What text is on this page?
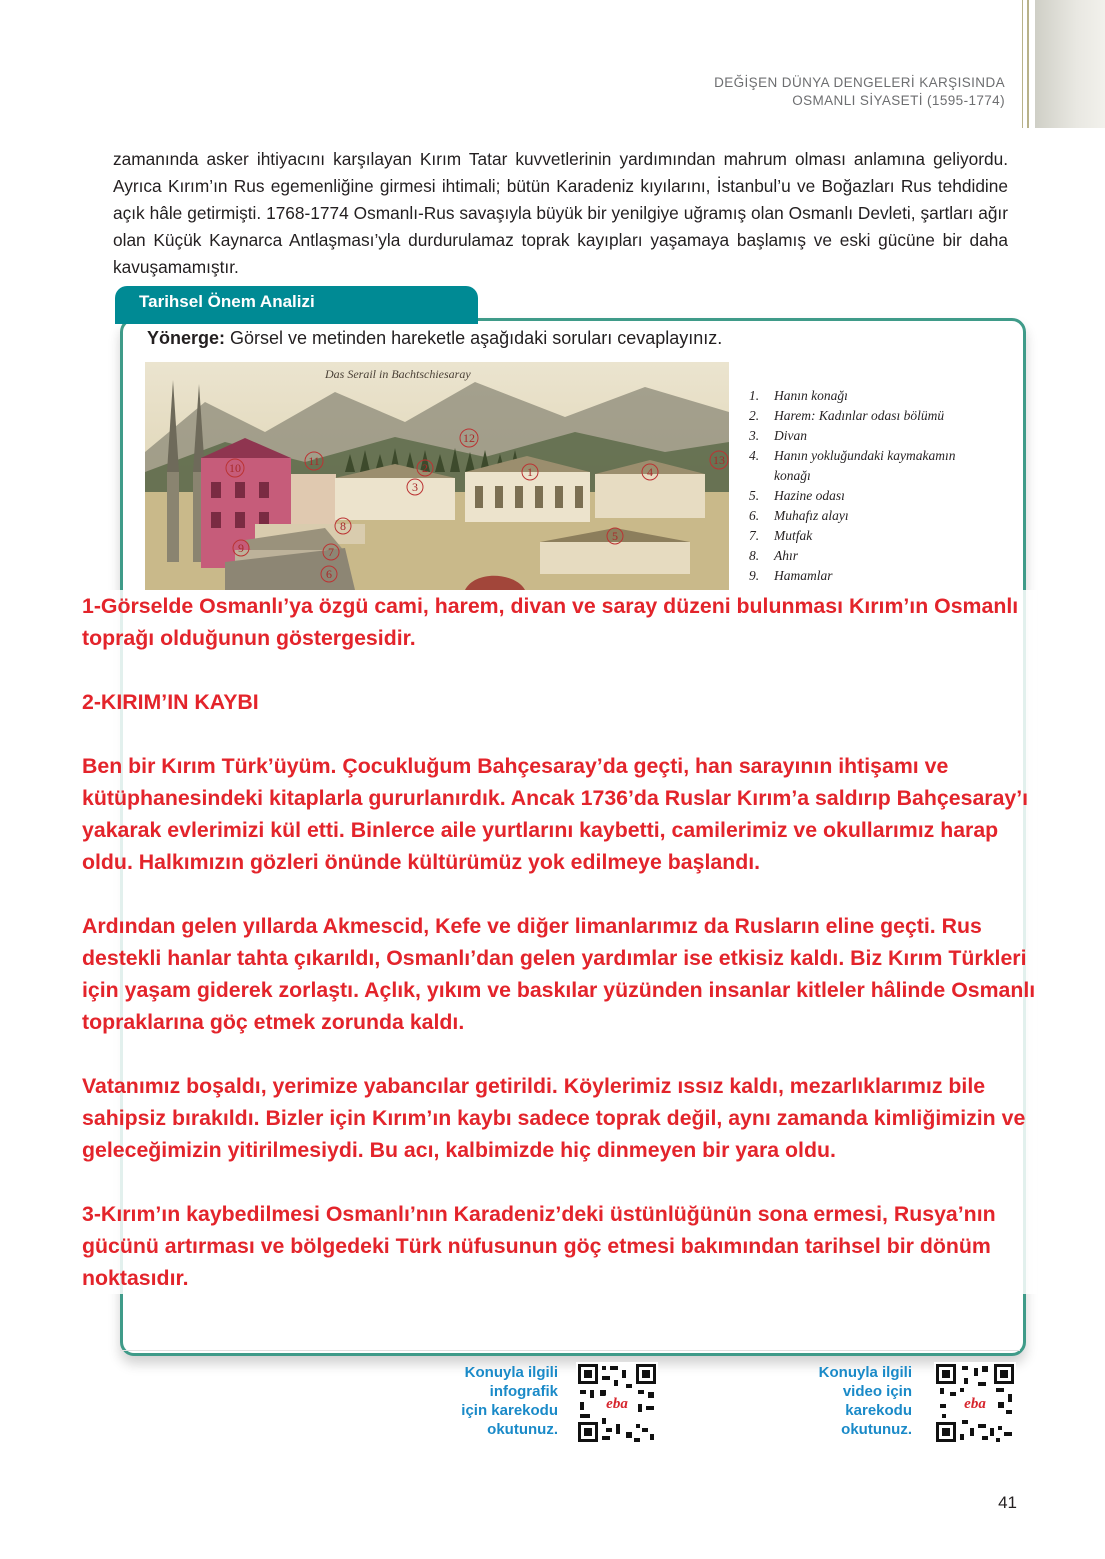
DEĞİŞEN DÜNYA DENGELERİ KARŞISINDA
OSMANLI SİYASETİ (1595-1774)

zamanında asker ihtiyacını karşılayan Kırım Tatar kuvvetlerinin yardımından mahrum olması anlamına geliyordu. Ayrıca Kırım’ın Rus egemenliğine girmesi ihtimali; bütün Karadeniz kıyılarını, İstanbul’u ve Boğazları Rus tehdidine açık hâle getirmişti. 1768-1774 Osmanlı-Rus savaşıyla büyük bir yenilgiye uğramış olan Osmanlı Devleti, şartları ağır olan Küçük Kaynarca Antlaşması’yla durdurulamaz toprak kayıpları yaşamaya başlamış ve eski gücüne bir daha kavuşamamıştır.

Tarihsel Önem Analizi

Yönerge: Görsel ve metinden hareketle aşağıdaki soruları cevaplayınız.

Das Serail in Bachtschiesaray
1
2
3
4
5
6
7
8
9
10	11
12
13
1.	Hanın konağı
2.	Harem: Kadınlar odası bölümü
3.	Divan
4.	Hanın yokluğundaki kaymakamın konağı
5.	Hazine odası
6.	Muhafız alayı
7.	Mutfak
8.	Ahır
9.	Hamamlar

1-Görselde Osmanlı’ya özgü cami, harem, divan ve saray düzeni bulunması Kırım’ın Osmanlı toprağı olduğunun göstergesidir.

2-KIRIM’IN KAYBI

Ben bir Kırım Türk’üyüm. Çocukluğum Bahçesaray’da geçti, han sarayının ihtişamı ve kütüphanesindeki kitaplarla gururlanırdık. Ancak 1736’da Ruslar Kırım’a saldırıp Bahçesaray’ı yakarak evlerimizi kül etti. Binlerce aile yurtlarını kaybetti, camilerimiz ve okullarımız harap oldu. Halkımızın gözleri önünde kültürümüz yok edilmeye başlandı.

Ardından gelen yıllarda Akmescid, Kefe ve diğer limanlarımız da Rusların eline geçti. Rus destekli hanlar tahta çıkarıldı, Osmanlı’dan gelen yardımlar ise etkisiz kaldı. Biz Kırım Türkleri için yaşam giderek zorlaştı. Açlık, yıkım ve baskılar yüzünden insanlar kitleler hâlinde Osmanlı topraklarına göç etmek zorunda kaldı.

Vatanımız boşaldı, yerimize yabancılar getirildi. Köylerimiz ıssız kaldı, mezarlıklarımız bile sahipsiz bırakıldı. Bizler için Kırım’ın kaybı sadece toprak değil, aynı zamanda kimliğimizin ve geleceğimizin yitirilmesiydi. Bu acı, kalbimizde hiç dinmeyen bir yara oldu.

3-Kırım’ın kaybedilmesi Osmanlı’nın Karadeniz’deki üstünlüğünün sona ermesi, Rusya’nın gücünü artırması ve bölgedeki Türk nüfusunun göç etmesi bakımından tarihsel bir dönüm noktasıdır.

Konuyla ilgili
infografik
için karekodu
okutunuz.
eba
Konuyla ilgili
video için
karekodu
okutunuz.
eba
41
